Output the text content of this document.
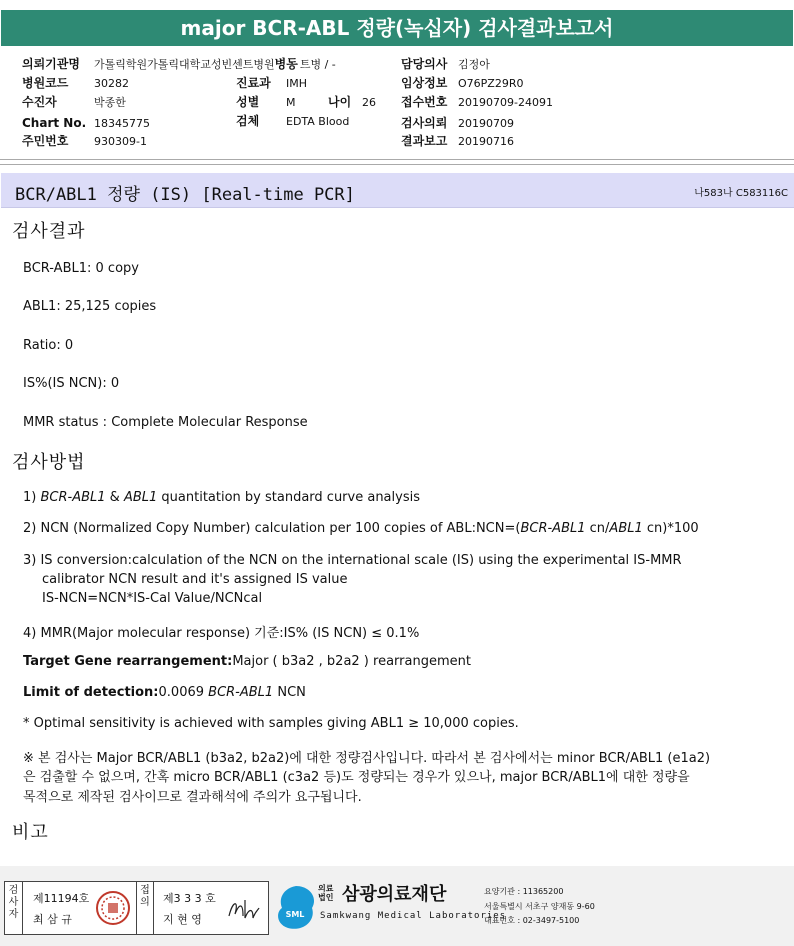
major BCR-ABL 정량(녹십자) 검사결과보고서
의뢰기관명 가톨릭학원가톨릭대학교성빈센트병원병동 트병 / -
병원코드 30282
수진자	박종한
Chart No. 18345775
주민번호 930309-1
진료과 IMH
성별 M	나이 26
검체 EDTA Blood
담당의사 김정아
임상정보 O76PZ29R0
접수번호 20190709-24091
검사의뢰 20190709
결과보고 20190716
BCR/ABL1 정량 (IS) [Real-time PCR]	나583나 C583116C
검사결과
BCR-ABL1: 0 copy
ABL1: 25,125 copies
Ratio: 0
IS%(IS NCN): 0
MMR status : Complete Molecular Response
검사방법
1) BCR-ABL1 & ABL1 quantitation by standard curve analysis
2) NCN (Normalized Copy Number) calculation per 100 copies of ABL:NCN=(BCR-ABL1 cn/ABL1 cn)*100
3) IS conversion:calculation of the NCN on the international scale (IS) using the experimental IS-MMR
calibrator NCN result and it's assigned IS value
IS-NCN=NCN*IS-Cal Value/NCNcal
4) MMR(Major molecular response) 기준:IS% (IS NCN) ≤ 0.1%
Target Gene rearrangement:Major ( b3a2 , b2a2 ) rearrangement
Limit of detection:0.0069 BCR-ABL1 NCN
* Optimal sensitivity is achieved with samples giving ABL1 ≥ 10,000 copies.
※ 본 검사는 Major BCR/ABL1 (b3a2, b2a2)에 대한 정량검사입니다. 따라서 본 검사에서는 minor BCR/ABL1 (e1a2)
은 검출할 수 없으며, 간혹 micro BCR/ABL1 (c3a2 등)도 정량되는 경우가 있으나, major BCR/ABL1에 대한 정량을
목적으로 제작된 검사이므로 결과해석에 주의가 요구됩니다.
비고
검
사
자
제11194호
최 삼 규
접
의 제3 3 3 호
지 현 영	SML
의료
법인 삼광의료재단
Samkwang Medical Laboratories
요양기관 : 11365200
서울특별시 서초구 양재동 9-60
대표번호 : 02-3497-5100
